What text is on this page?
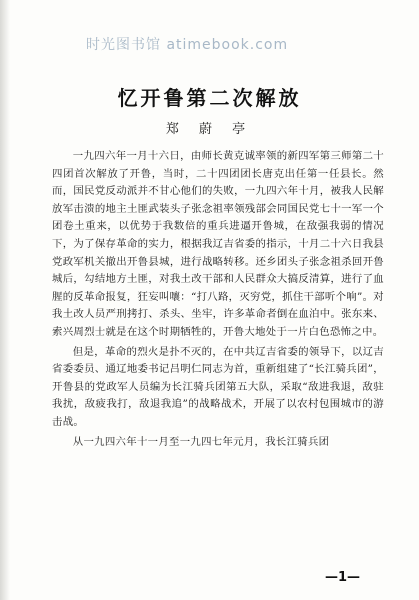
时光图书馆 atimebook.com
忆开鲁第二次解放
郑 蔚 亭

一九四六年一月十六日，由师长黄克诚率领的新四军第三师第二十四团首次解放了开鲁，当时，二十四团团长唐克出任第一任县长。然而，国民党反动派并不甘心他们的失败，一九四六年十月，被我人民解放军击溃的地主土匪武装头子张念祖率领残部会同国民党七十一军一个团卷土重来，以优势于我数倍的重兵进逼开鲁城，在敌强我弱的情况下，为了保存革命的实力，根据我辽吉省委的指示，十月二十六日我县党政军机关撤出开鲁县城，进行战略转移。还乡团头子张念祖杀回开鲁城后，勾结地方土匪，对我土改干部和人民群众大搞反清算，进行了血腥的反革命报复，狂妄叫嚷：“打八路，灭穷党，抓住干部听个响”。对我土改人员严刑拷打、杀头、坐牢，许多革命者倒在血泊中。张东来、索兴周烈士就是在这个时期牺牲的，开鲁大地处于一片白色恐怖之中。

但是，革命的烈火是扑不灭的，在中共辽吉省委的领导下，以辽吉省委委员、通辽地委书记吕明仁同志为首，重新组建了“长江骑兵团”，开鲁县的党政军人员编为长江骑兵团第五大队，采取“敌进我退，敌驻我扰，敌疲我打，敌退我追”的战略战术，开展了以农村包围城市的游击战。

从一九四六年十一月至一九四七年元月，我长江骑兵团

—1—
